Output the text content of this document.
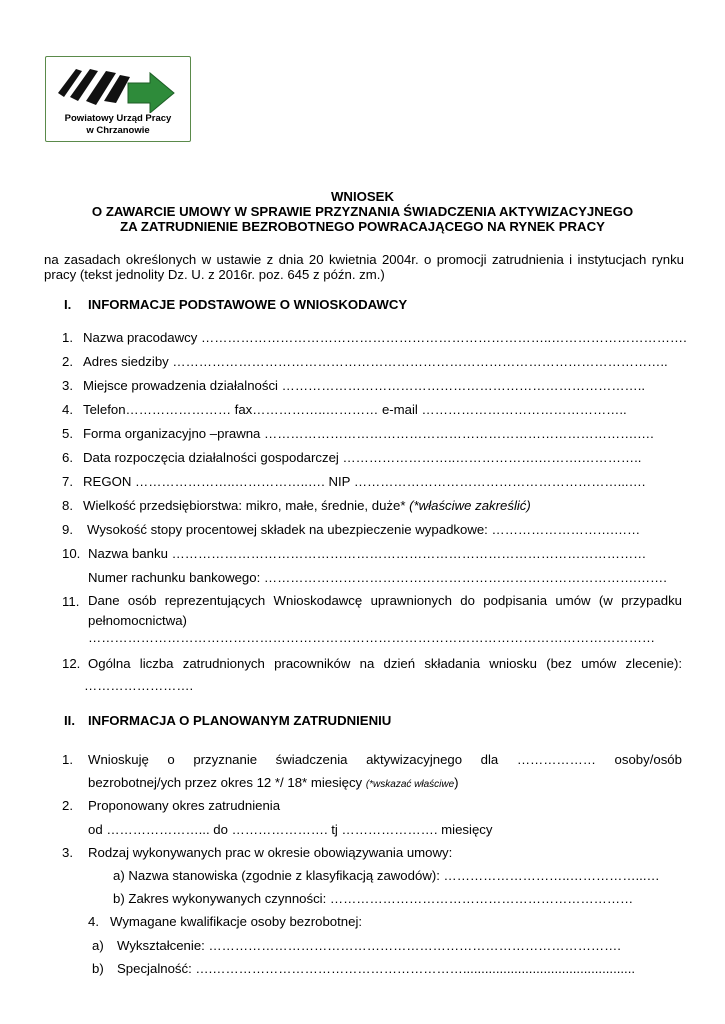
Powiatowy Urząd Pracy
w Chrzanowie
WNIOSEK
O ZAWARCIE UMOWY W SPRAWIE PRZYZNANIA ŚWIADCZENIA AKTYWIZACYJNEGO
ZA ZATRUDNIENIE BEZROBOTNEGO POWRACAJĄCEGO NA RYNEK PRACY
na zasadach określonych w ustawie z dnia 20 kwietnia 2004r. o promocji zatrudnienia i instytucjach rynku pracy (tekst jednolity Dz. U. z 2016r. poz. 645 z późn. zm.)
I. INFORMACJE PODSTAWOWE O WNIOSKODAWCY
1. Nazwa pracodawcy ……………………………………………………………………..………………………….
2. Adres siedziby …………………………………………………………………………………………………..
3. Miejsce prowadzenia działalności ………………………………………………………………………..
4. Telefon…………………… fax……………..………… e-mail ………………………………………..
5. Forma organizacyjno –prawna ………………………………………………………………………….….
6. Data rozpoczęcia działalności gospodarczej ……………………..……………….……….…………..
7. REGON …………………..……………..…. NIP ……………………………………………………...….
8. Wielkość przedsiębiorstwa: mikro, małe, średnie, duże* (*właściwe zakreślić)
9. Wysokość stopy procentowej składek na ubezpieczenie wypadkowe: ……………………….……
10. Nazwa banku ………………………………………………………………………………………………
Numer rachunku bankowego: ………………………………………………………………………….…….
11. Dane osób reprezentujących Wnioskodawcę uprawnionych do podpisania umów (w przypadku pełnomocnictwa)
…………………………………………………………………………………………………………………
12. Ogólna liczba zatrudnionych pracowników na dzień składania wniosku (bez umów zlecenie):
…………………….
II. INFORMACJA O PLANOWANYM ZATRUDNIENIU
1. Wnioskuję o przyznanie świadczenia aktywizacyjnego dla ……………… osoby/osób
bezrobotnej/ych przez okres 12 */ 18* miesięcy (*wskazać właściwe)
2. Proponowany okres zatrudnienia
od …………………... do …………………. tj …………………. miesięcy
3. Rodzaj wykonywanych prac w okresie obowiązywania umowy:
a) Nazwa stanowiska (zgodnie z klasyfikacją zawodów): ………………………..……………...…
b) Zakres wykonywanych czynności: ……………………………………………………………
4. Wymagane kwalifikacje osoby bezrobotnej:
a) Wykształcenie: ………………………………………………………………………………….
b) Specjalność: ….…………………………………………………...............................................
